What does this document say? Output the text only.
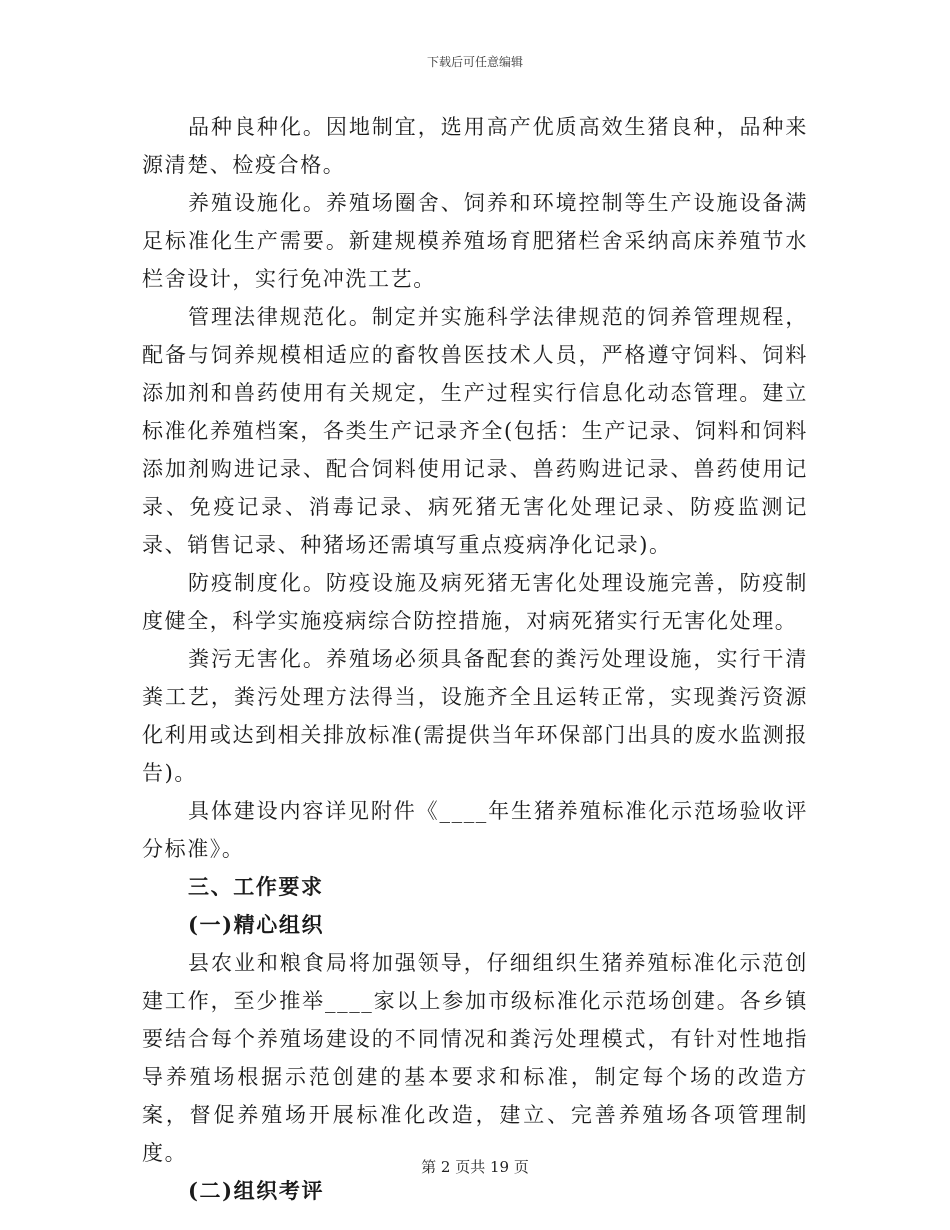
下载后可任意编辑

品种良种化。因地制宜，选用高产优质高效生猪良种，品种来源清楚、检疫合格。

养殖设施化。养殖场圈舍、饲养和环境控制等生产设施设备满足标准化生产需要。新建规模养殖场育肥猪栏舍采纳高床养殖节水栏舍设计，实行免冲洗工艺。

管理法律规范化。制定并实施科学法律规范的饲养管理规程，配备与饲养规模相适应的畜牧兽医技术人员，严格遵守饲料、饲料添加剂和兽药使用有关规定，生产过程实行信息化动态管理。建立标准化养殖档案，各类生产记录齐全(包括：生产记录、饲料和饲料添加剂购进记录、配合饲料使用记录、兽药购进记录、兽药使用记录、免疫记录、消毒记录、病死猪无害化处理记录、防疫监测记录、销售记录、种猪场还需填写重点疫病净化记录)。

防疫制度化。防疫设施及病死猪无害化处理设施完善，防疫制度健全，科学实施疫病综合防控措施，对病死猪实行无害化处理。

粪污无害化。养殖场必须具备配套的粪污处理设施，实行干清粪工艺，粪污处理方法得当，设施齐全且运转正常，实现粪污资源化利用或达到相关排放标准(需提供当年环保部门出具的废水监测报告)。

具体建设内容详见附件《____年生猪养殖标准化示范场验收评分标准》。

三、工作要求

(一)精心组织

县农业和粮食局将加强领导，仔细组织生猪养殖标准化示范创建工作，至少推举____家以上参加市级标准化示范场创建。各乡镇要结合每个养殖场建设的不同情况和粪污处理模式，有针对性地指导养殖场根据示范创建的基本要求和标准，制定每个场的改造方案，督促养殖场开展标准化改造，建立、完善养殖场各项管理制度。

(二)组织考评

第 2 页共 19 页
